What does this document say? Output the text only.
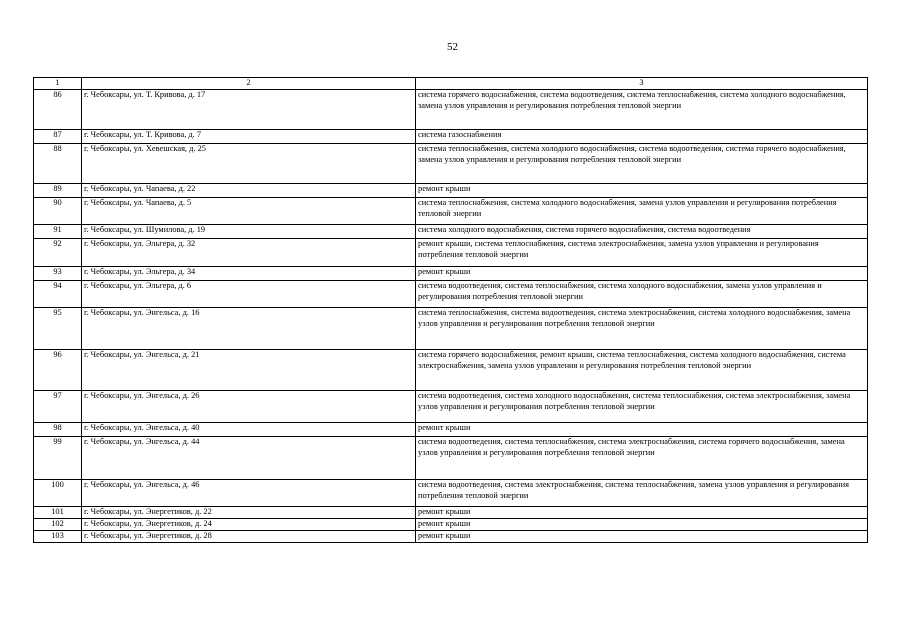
52
1	2	3
86	г. Чебоксары, ул. Т. Кривова, д. 17	система горячего водоснабжения, система водоотведения, система теплоснабжения, система холодного водоснабжения, замена узлов управления и регулирования потребления тепловой энергии
87	г. Чебоксары, ул. Т. Кривова, д. 7	система газоснабжения
88	г. Чебоксары, ул. Хевешская, д. 25	система теплоснабжения, система холодного водоснабжения, система водоотведения, система горячего водоснабжения, замена узлов управления и регулирования потребления тепловой энергии
89	г. Чебоксары, ул. Чапаева, д. 22	ремонт крыши
90	г. Чебоксары, ул. Чапаева, д. 5	система теплоснабжения, система холодного водоснабжения, замена узлов управления и регулирования потребления тепловой энергии
91	г. Чебоксары, ул. Шумилова, д. 19	система холодного водоснабжения, система горячего водоснабжения, система водоотведения
92	г. Чебоксары, ул. Эльгера, д. 32	ремонт крыши, система теплоснабжения, система электроснабжения, замена узлов управления и регулирования потребления тепловой энергии
93	г. Чебоксары, ул. Эльгера, д. 34	ремонт крыши
94	г. Чебоксары, ул. Эльгера, д. 6	система водоотведения, система теплоснабжения, система холодного водоснабжения, замена узлов управления и регулирования потребления тепловой энергии
95	г. Чебоксары, ул. Энгельса, д. 16	система теплоснабжения, система водоотведения, система электроснабжения, система холодного водоснабжения, замена узлов управления и регулирования потребления тепловой энергии
96	г. Чебоксары, ул. Энгельса, д. 21	система горячего водоснабжения, ремонт крыши, система теплоснабжения, система холодного водоснабжения, система электроснабжения, замена узлов управления и регулирования потребления тепловой энергии
97	г. Чебоксары, ул. Энгельса, д. 26	система водоотведения, система холодного водоснабжения, система теплоснабжения, система электроснабжения, замена узлов управления и регулирования потребления тепловой энергии
98	г. Чебоксары, ул. Энгельса, д. 40	ремонт крыши
99	г. Чебоксары, ул. Энгельса, д. 44	система водоотведения, система теплоснабжения, система электроснабжения, система горячего водоснабжения, замена узлов управления и регулирования потребления тепловой энергии
100	г. Чебоксары, ул. Энгельса, д. 46	система водоотведения, система электроснабжения, система теплоснабжения, замена узлов управления и регулирования потребления тепловой энергии
101	г. Чебоксары, ул. Энергетиков, д. 22	ремонт крыши
102	г. Чебоксары, ул. Энергетиков, д. 24	ремонт крыши
103	г. Чебоксары, ул. Энергетиков, д. 28	ремонт крыши
